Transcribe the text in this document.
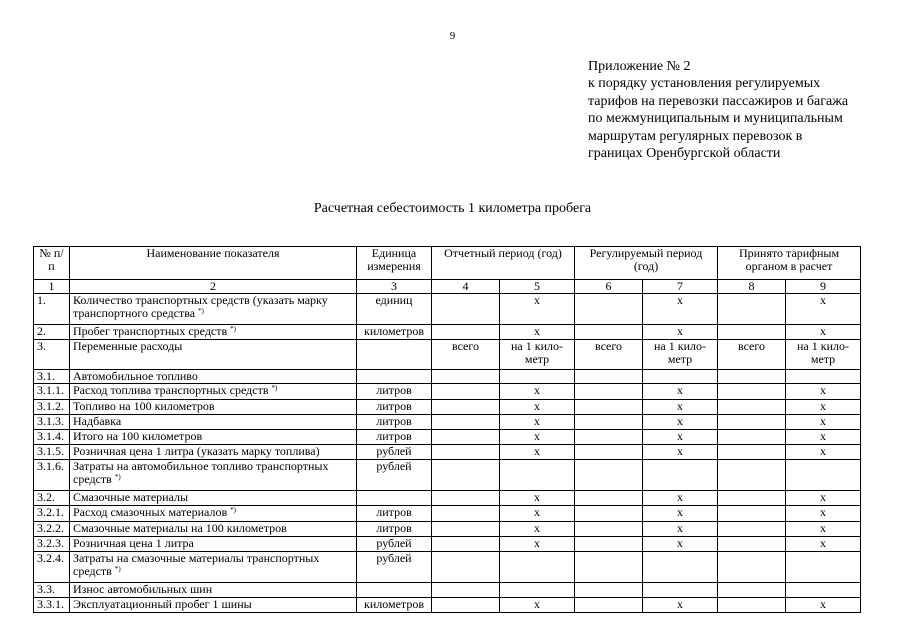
9
Приложение № 2
к порядку установления регулируемых
тарифов на перевозки пассажиров и багажа
по межмуниципальным и муниципальным
маршрутам регулярных перевозок в
границах Оренбургской области
Расчетная себестоимость 1 километра пробега
№ п/п	Наименование показателя	Единица измерения	Отчетный период (год)		Регулируемый период (год)		Принято тарифным органом в расчет	
1	2	3	4	5	6	7	8	9
1.	Количество транспортных средств (указать марку транспортного средства *)	единиц		x		x		x
2.	Пробег транспортных средств *)	километров		x		x		x
3.	Переменные расходы		всего	на 1 кило-метр	всего	на 1 кило-метр	всего	на 1 кило-метр
3.1.	Автомобильное топливо							
3.1.1.	Расход топлива транспортных средств *)	литров		x		x		x
3.1.2.	Топливо на 100 километров	литров		x		x		x
3.1.3.	Надбавка	литров		x		x		x
3.1.4.	Итого на 100 километров	литров		x		x		x
3.1.5.	Розничная цена 1 литра (указать марку топлива)	рублей		x		x		x
3.1.6.	Затраты на автомобильное топливо транспортных средств *)	рублей						
3.2.	Смазочные материалы			x		x		x
3.2.1.	Расход смазочных материалов *)	литров		x		x		x
3.2.2.	Смазочные материалы на 100 километров	литров		x		x		x
3.2.3.	Розничная цена 1 литра	рублей		x		x		x
3.2.4.	Затраты на смазочные материалы транспортных средств *)	рублей						
3.3.	Износ автомобильных шин							
3.3.1.	Эксплуатационный пробег 1 шины	километров		x		x		x
